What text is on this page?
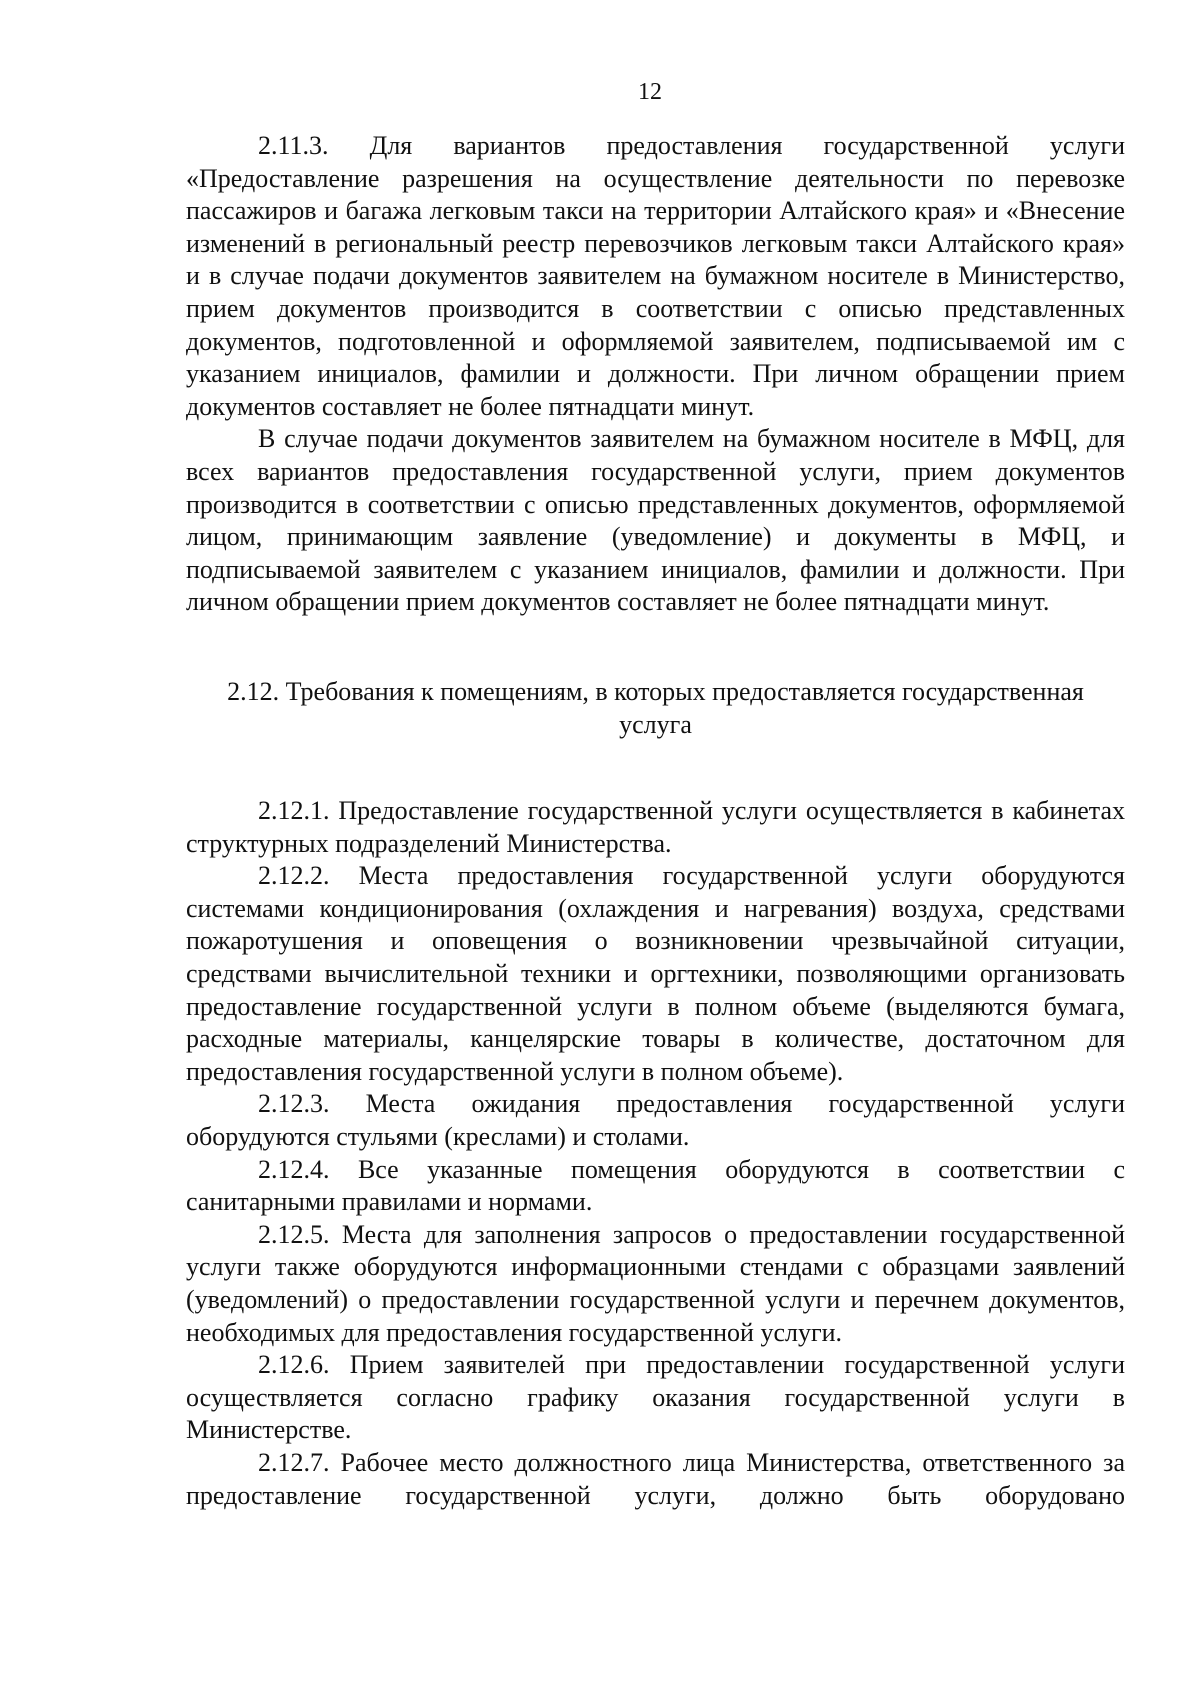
12

2.11.3. Для вариантов предоставления государственной услуги «Предоставление разрешения на осуществление деятельности по перевозке пассажиров и багажа легковым такси на территории Алтайского края» и «Внесение изменений в региональный реестр перевозчиков легковым такси Алтайского края» и в случае подачи документов заявителем на бумажном носителе в Министерство, прием документов производится в соответствии с описью представленных документов, подготовленной и оформляемой заявителем, подписываемой им с указанием инициалов, фамилии и должности. При личном обращении прием документов составляет не более пятнадцати минут.

В случае подачи документов заявителем на бумажном носителе в МФЦ, для всех вариантов предоставления государственной услуги, прием документов производится в соответствии с описью представленных документов, оформляемой лицом, принимающим заявление (уведомление) и документы в МФЦ, и подписываемой заявителем с указанием инициалов, фамилии и должности. При личном обращении прием документов составляет не более пятнадцати минут.

2.12. Требования к помещениям, в которых предоставляется государственная
услуга

2.12.1. Предоставление государственной услуги осуществляется в кабинетах структурных подразделений Министерства.

2.12.2. Места предоставления государственной услуги оборудуются системами кондиционирования (охлаждения и нагревания) воздуха, средствами пожаротушения и оповещения о возникновении чрезвычайной ситуации, средствами вычислительной техники и оргтехники, позволяющими организовать предоставление государственной услуги в полном объеме (выделяются бумага, расходные материалы, канцелярские товары в количестве, достаточном для предоставления государственной услуги в полном объеме).

2.12.3. Места ожидания предоставления государственной услуги оборудуются стульями (креслами) и столами.

2.12.4. Все указанные помещения оборудуются в соответствии с санитарными правилами и нормами.

2.12.5. Места для заполнения запросов о предоставлении государственной услуги также оборудуются информационными стендами с образцами заявлений (уведомлений) о предоставлении государственной услуги и перечнем документов, необходимых для предоставления государственной услуги.

2.12.6. Прием заявителей при предоставлении государственной услуги осуществляется согласно графику оказания государственной услуги в Министерстве.

2.12.7. Рабочее место должностного лица Министерства, ответственного за предоставление государственной услуги, должно быть оборудовано
